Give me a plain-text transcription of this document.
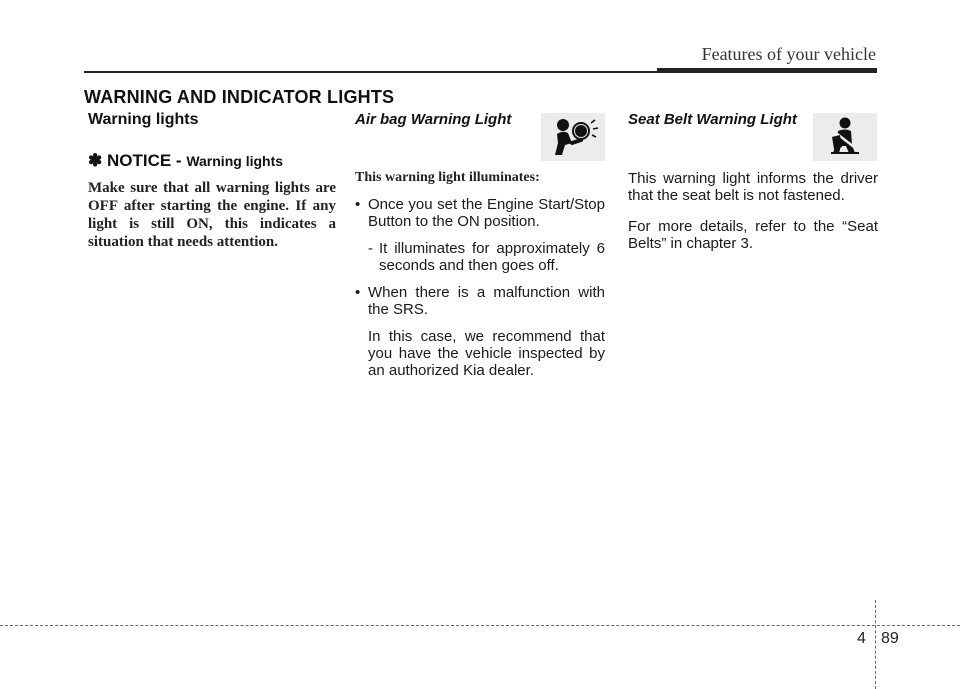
Features of your vehicle
WARNING AND INDICATOR LIGHTS

Warning lights

✽ NOTICE - Warning lights
Make sure that all warning lights are OFF after starting the engine. If any light is still ON, this indicates a situation that needs attention.

Air bag Warning Light

This warning light illuminates:
• Once you set the Engine Start/Stop Button to the ON position.
- It illuminates for approximately 6 seconds and then goes off.
• When there is a malfunction with the SRS.
In this case, we recommend that you have the vehicle inspected by an authorized Kia dealer.

Seat Belt Warning Light

This warning light informs the driver that the seat belt is not fastened.
For more details, refer to the “Seat Belts” in chapter 3.
4 89
